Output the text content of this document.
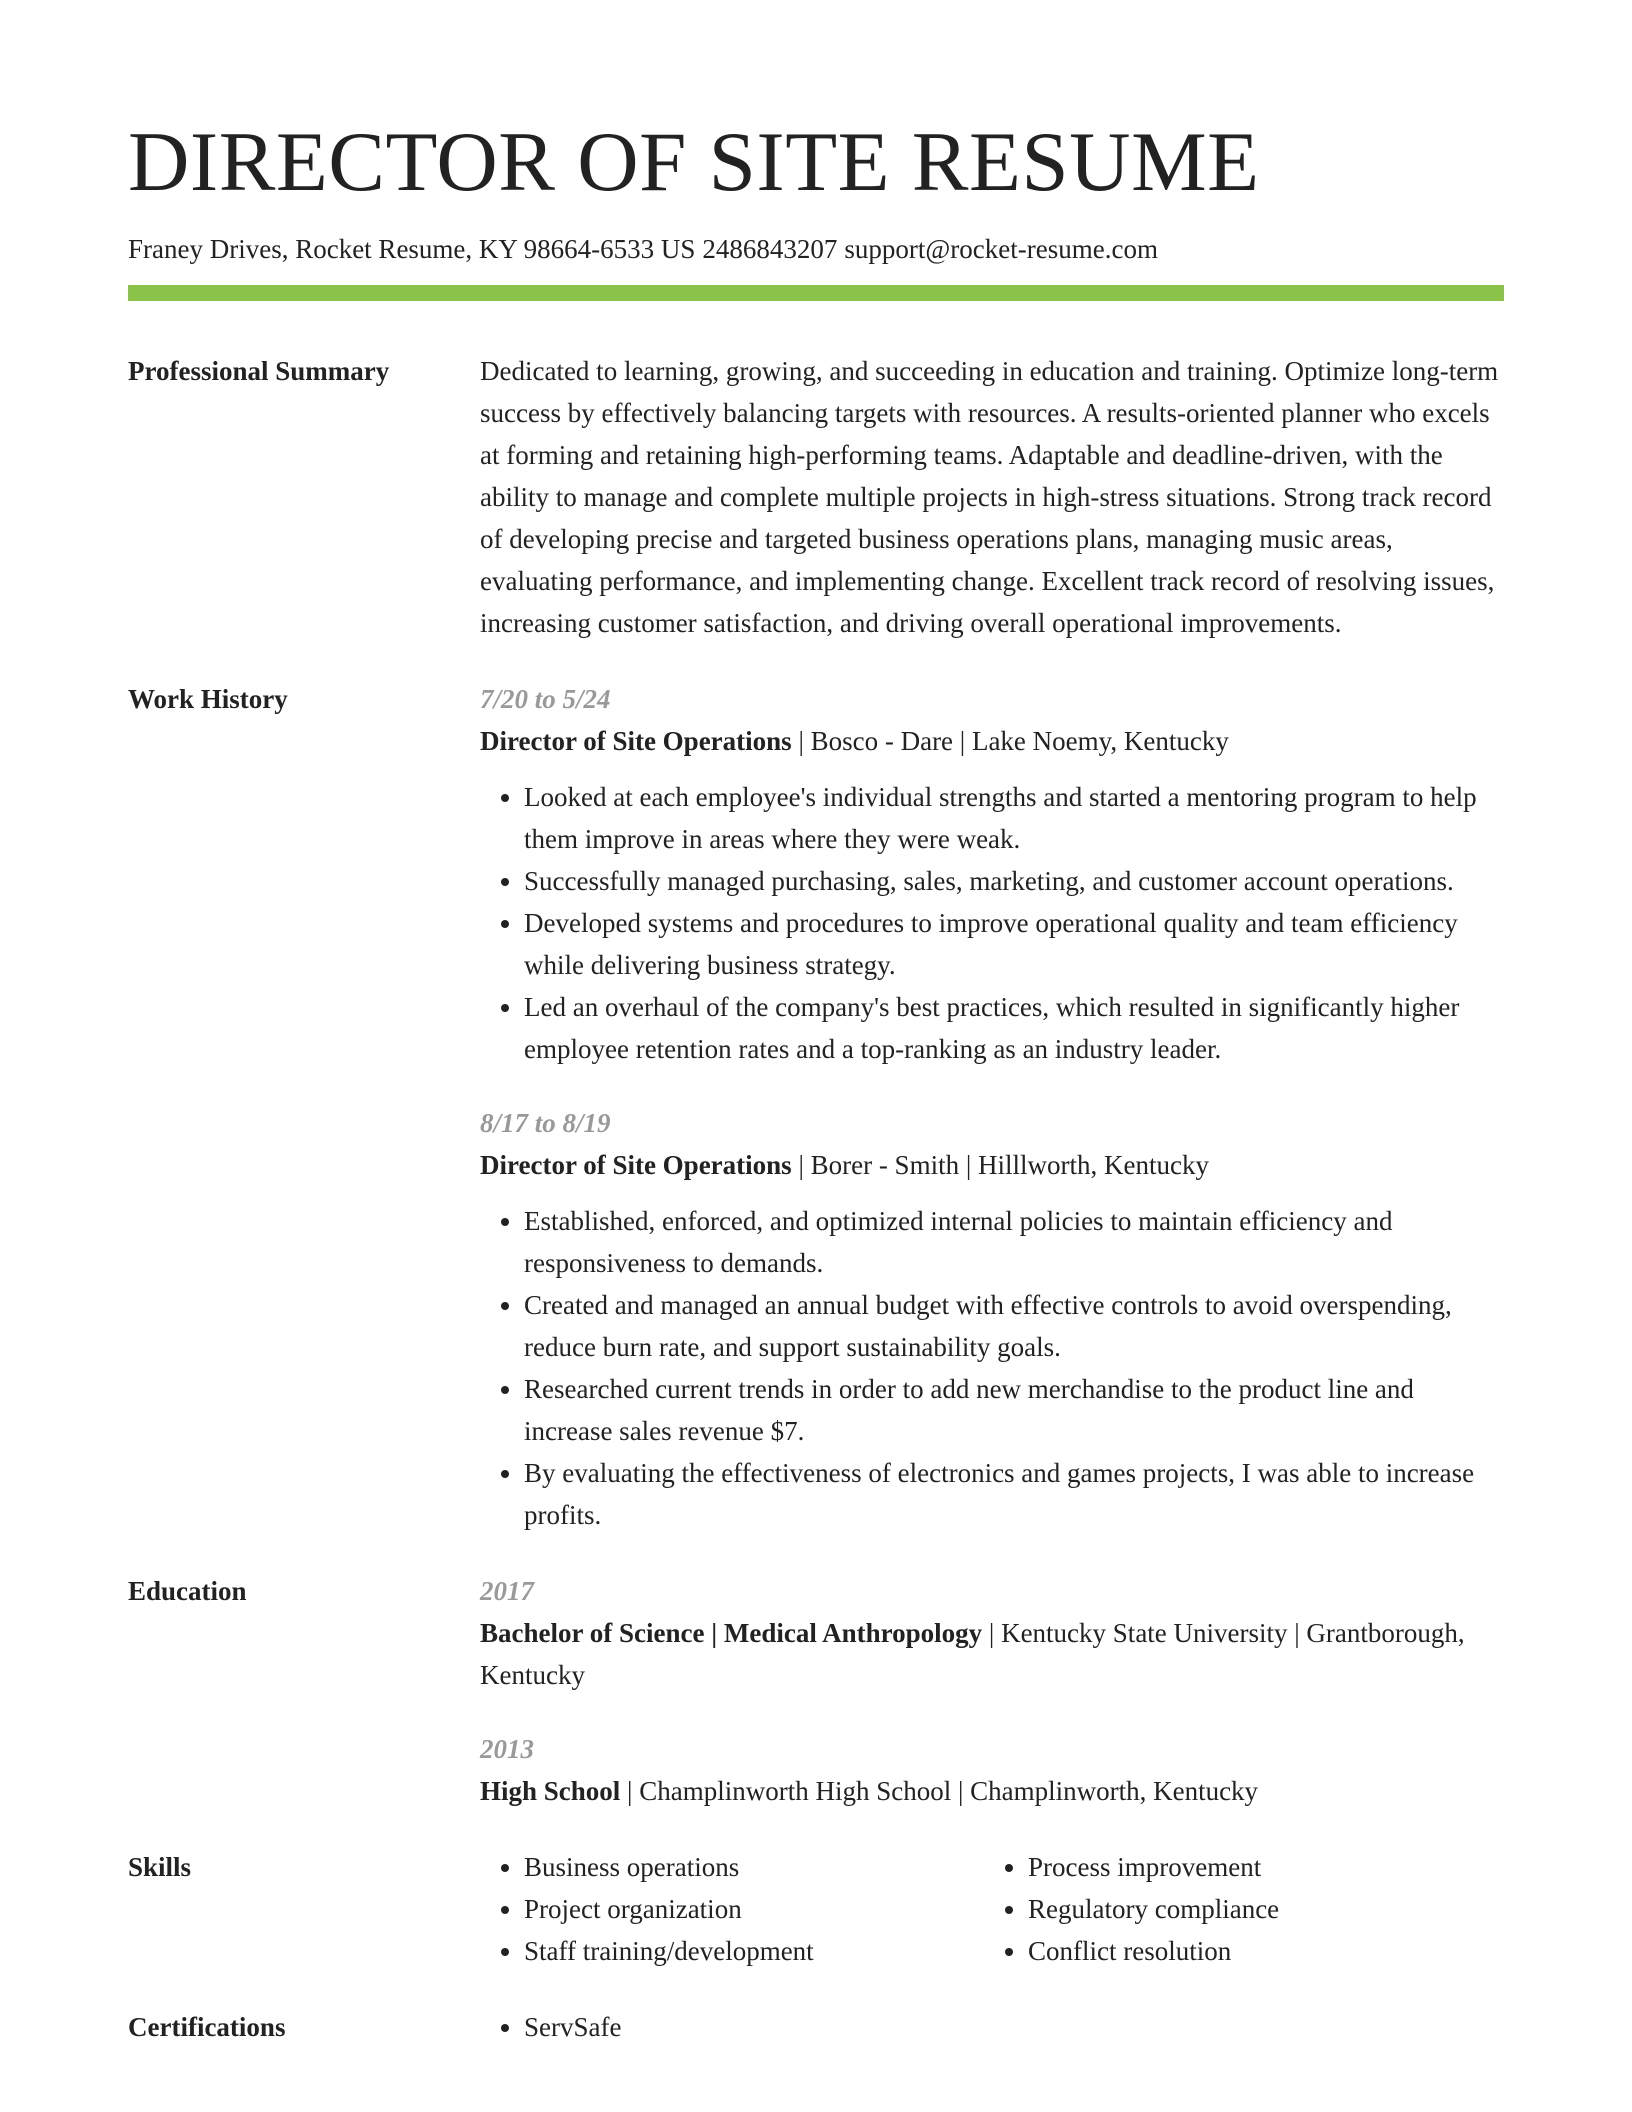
DIRECTOR OF SITE RESUME
Franey Drives, Rocket Resume, KY 98664-6533 US 2486843207 support@rocket-resume.com
Professional Summary	Dedicated to learning, growing, and succeeding in education and training. Optimize long-term success by effectively balancing targets with resources. A results-oriented planner who excels at forming and retaining high-performing teams. Adaptable and deadline-driven, with the ability to manage and complete multiple projects in high-stress situations. Strong track record of developing precise and targeted business operations plans, managing music areas, evaluating performance, and implementing change. Excellent track record of resolving issues, increasing customer satisfaction, and driving overall operational improvements.

Work History	7/20 to 5/24
Director of Site Operations | Bosco - Dare | Lake Noemy, Kentucky
• Looked at each employee's individual strengths and started a mentoring program to help them improve in areas where they were weak.
• Successfully managed purchasing, sales, marketing, and customer account operations.
• Developed systems and procedures to improve operational quality and team efficiency while delivering business strategy.
• Led an overhaul of the company's best practices, which resulted in significantly higher employee retention rates and a top-ranking as an industry leader.
8/17 to 8/19
Director of Site Operations | Borer - Smith | Hilllworth, Kentucky
• Established, enforced, and optimized internal policies to maintain efficiency and responsiveness to demands.
• Created and managed an annual budget with effective controls to avoid overspending, reduce burn rate, and support sustainability goals.
• Researched current trends in order to add new merchandise to the product line and increase sales revenue $7.
• By evaluating the effectiveness of electronics and games projects, I was able to increase profits.
Education	2017
Bachelor of Science | Medical Anthropology | Kentucky State University | Grantborough, Kentucky
2013
High School | Champlinworth High School | Champlinworth, Kentucky
Skills	• Business operations
• Project organization
• Staff training/development
• Process improvement
• Regulatory compliance
• Conflict resolution
Certifications	• ServSafe
